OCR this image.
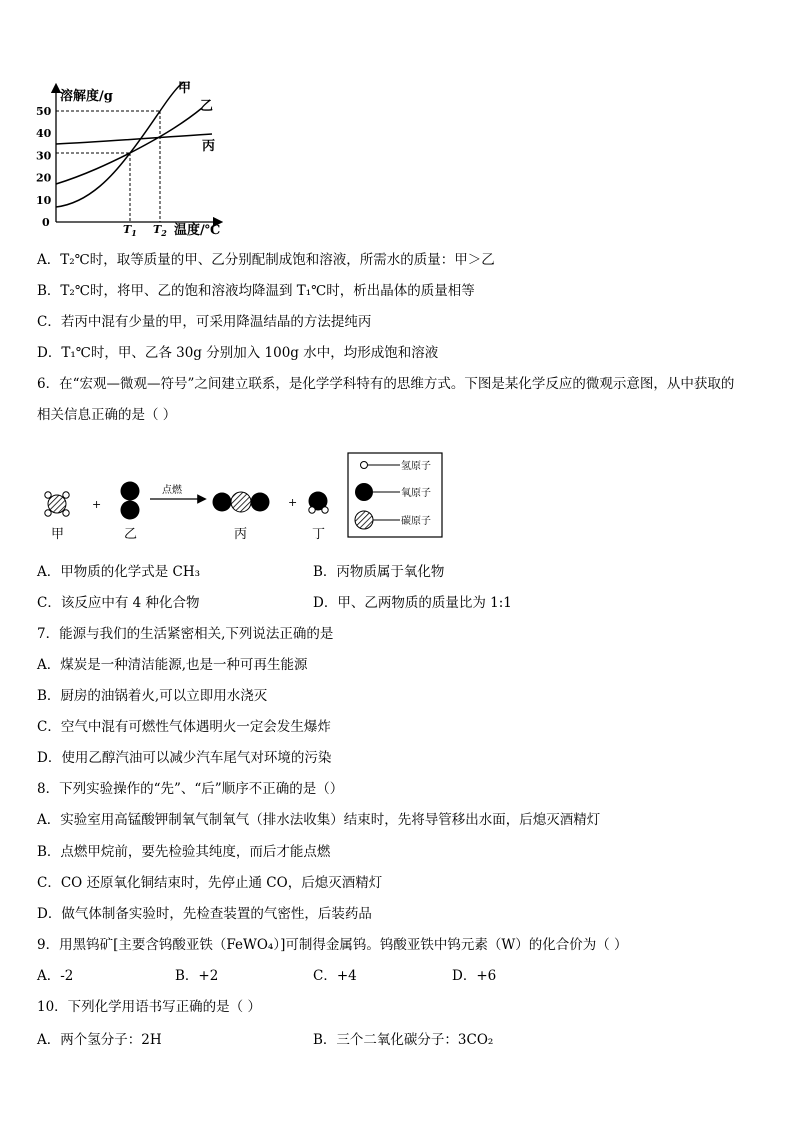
0
10
20
30
40
50
溶解度/g
温度/℃
甲
乙
丙
$T_1$ $T_2$
A．T₂℃时，取等质量的甲、乙分别配制成饱和溶液，所需水的质量：甲＞乙
B．T₂℃时，将甲、乙的饱和溶液均降温到 T₁℃时，析出晶体的质量相等
C．若丙中混有少量的甲，可采用降温结晶的方法提纯丙
D．T₁℃时，甲、乙各 30g 分别加入 100g 水中，均形成饱和溶液
6．在“宏观—微观—符号”之间建立联系，是化学学科特有的思维方式。下图是某化学反应的微观示意图，从中获取的
相关信息正确的是（ ）
+
点燃
+
甲	乙	丙	丁
氢原子
氧原子
碳原子
A．甲物质的化学式是 CH₃	B．丙物质属于氧化物
C．该反应中有 4 种化合物	D．甲、乙两物质的质量比为 1:1
7．能源与我们的生活紧密相关,下列说法正确的是
A．煤炭是一种清洁能源,也是一种可再生能源
B．厨房的油锅着火,可以立即用水浇灭
C．空气中混有可燃性气体遇明火一定会发生爆炸
D．使用乙醇汽油可以减少汽车尾气对环境的污染
8．下列实验操作的“先”、“后”顺序不正确的是（）
A．实验室用高锰酸钾制氧气制氧气（排水法收集）结束时，先将导管移出水面，后熄灭酒精灯
B．点燃甲烷前，要先检验其纯度，而后才能点燃
C．CO 还原氧化铜结束时，先停止通 CO，后熄灭酒精灯
D．做气体制备实验时，先检查装置的气密性，后装药品
9．用黑钨矿[主要含钨酸亚铁（FeWO₄）]可制得金属钨。钨酸亚铁中钨元素（W）的化合价为（ ）
A．-2	B．+2	C．+4	D．+6
10．下列化学用语书写正确的是（ ）
A．两个氢分子：2H	B．三个二氧化碳分子：3CO₂
